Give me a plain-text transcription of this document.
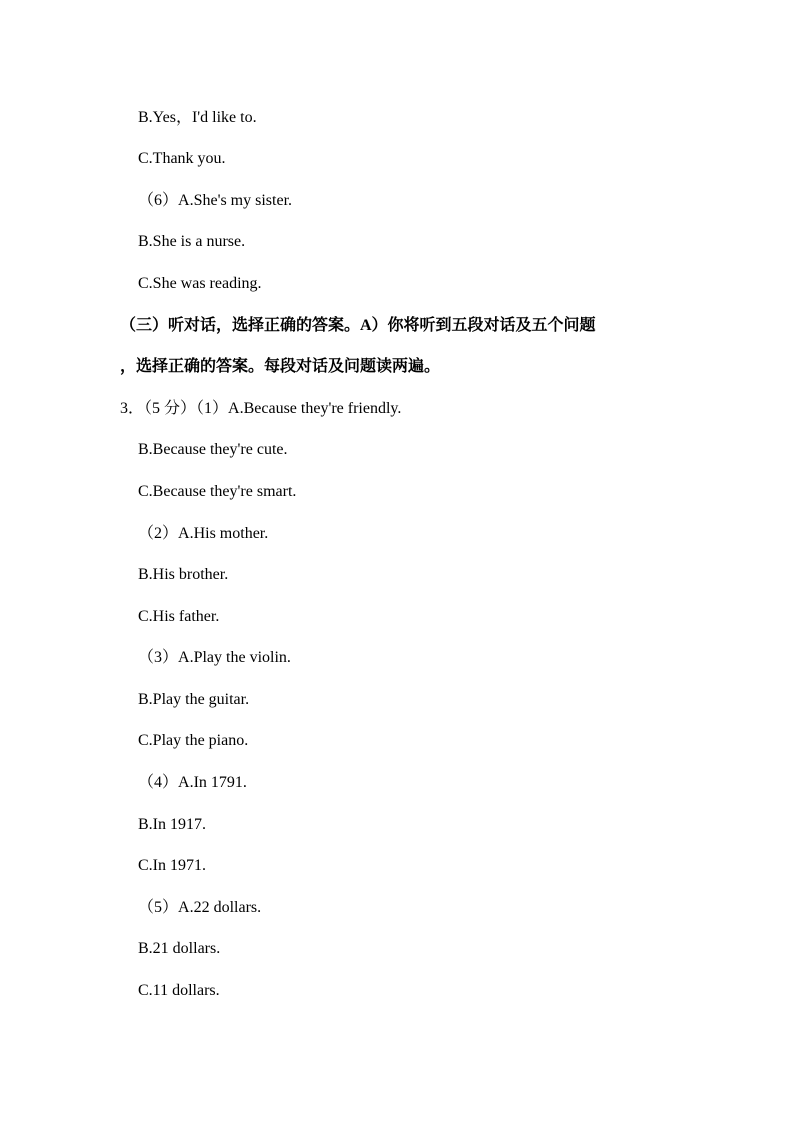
B.Yes，I'd like to.
C.Thank you.
（6）A.She's my sister.
B.She is a nurse.
C.She was reading.
（三）听对话，选择正确的答案。A）你将听到五段对话及五个问题
，选择正确的答案。每段对话及问题读两遍。
3．（5 分）（1）A.Because they're friendly.
B.Because they're cute.
C.Because they're smart.
（2）A.His mother.
B.His brother.
C.His father.
（3）A.Play the violin.
B.Play the guitar.
C.Play the piano.
（4）A.In 1791.
B.In 1917.
C.In 1971.
（5）A.22 dollars.
B.21 dollars.
C.11 dollars.
